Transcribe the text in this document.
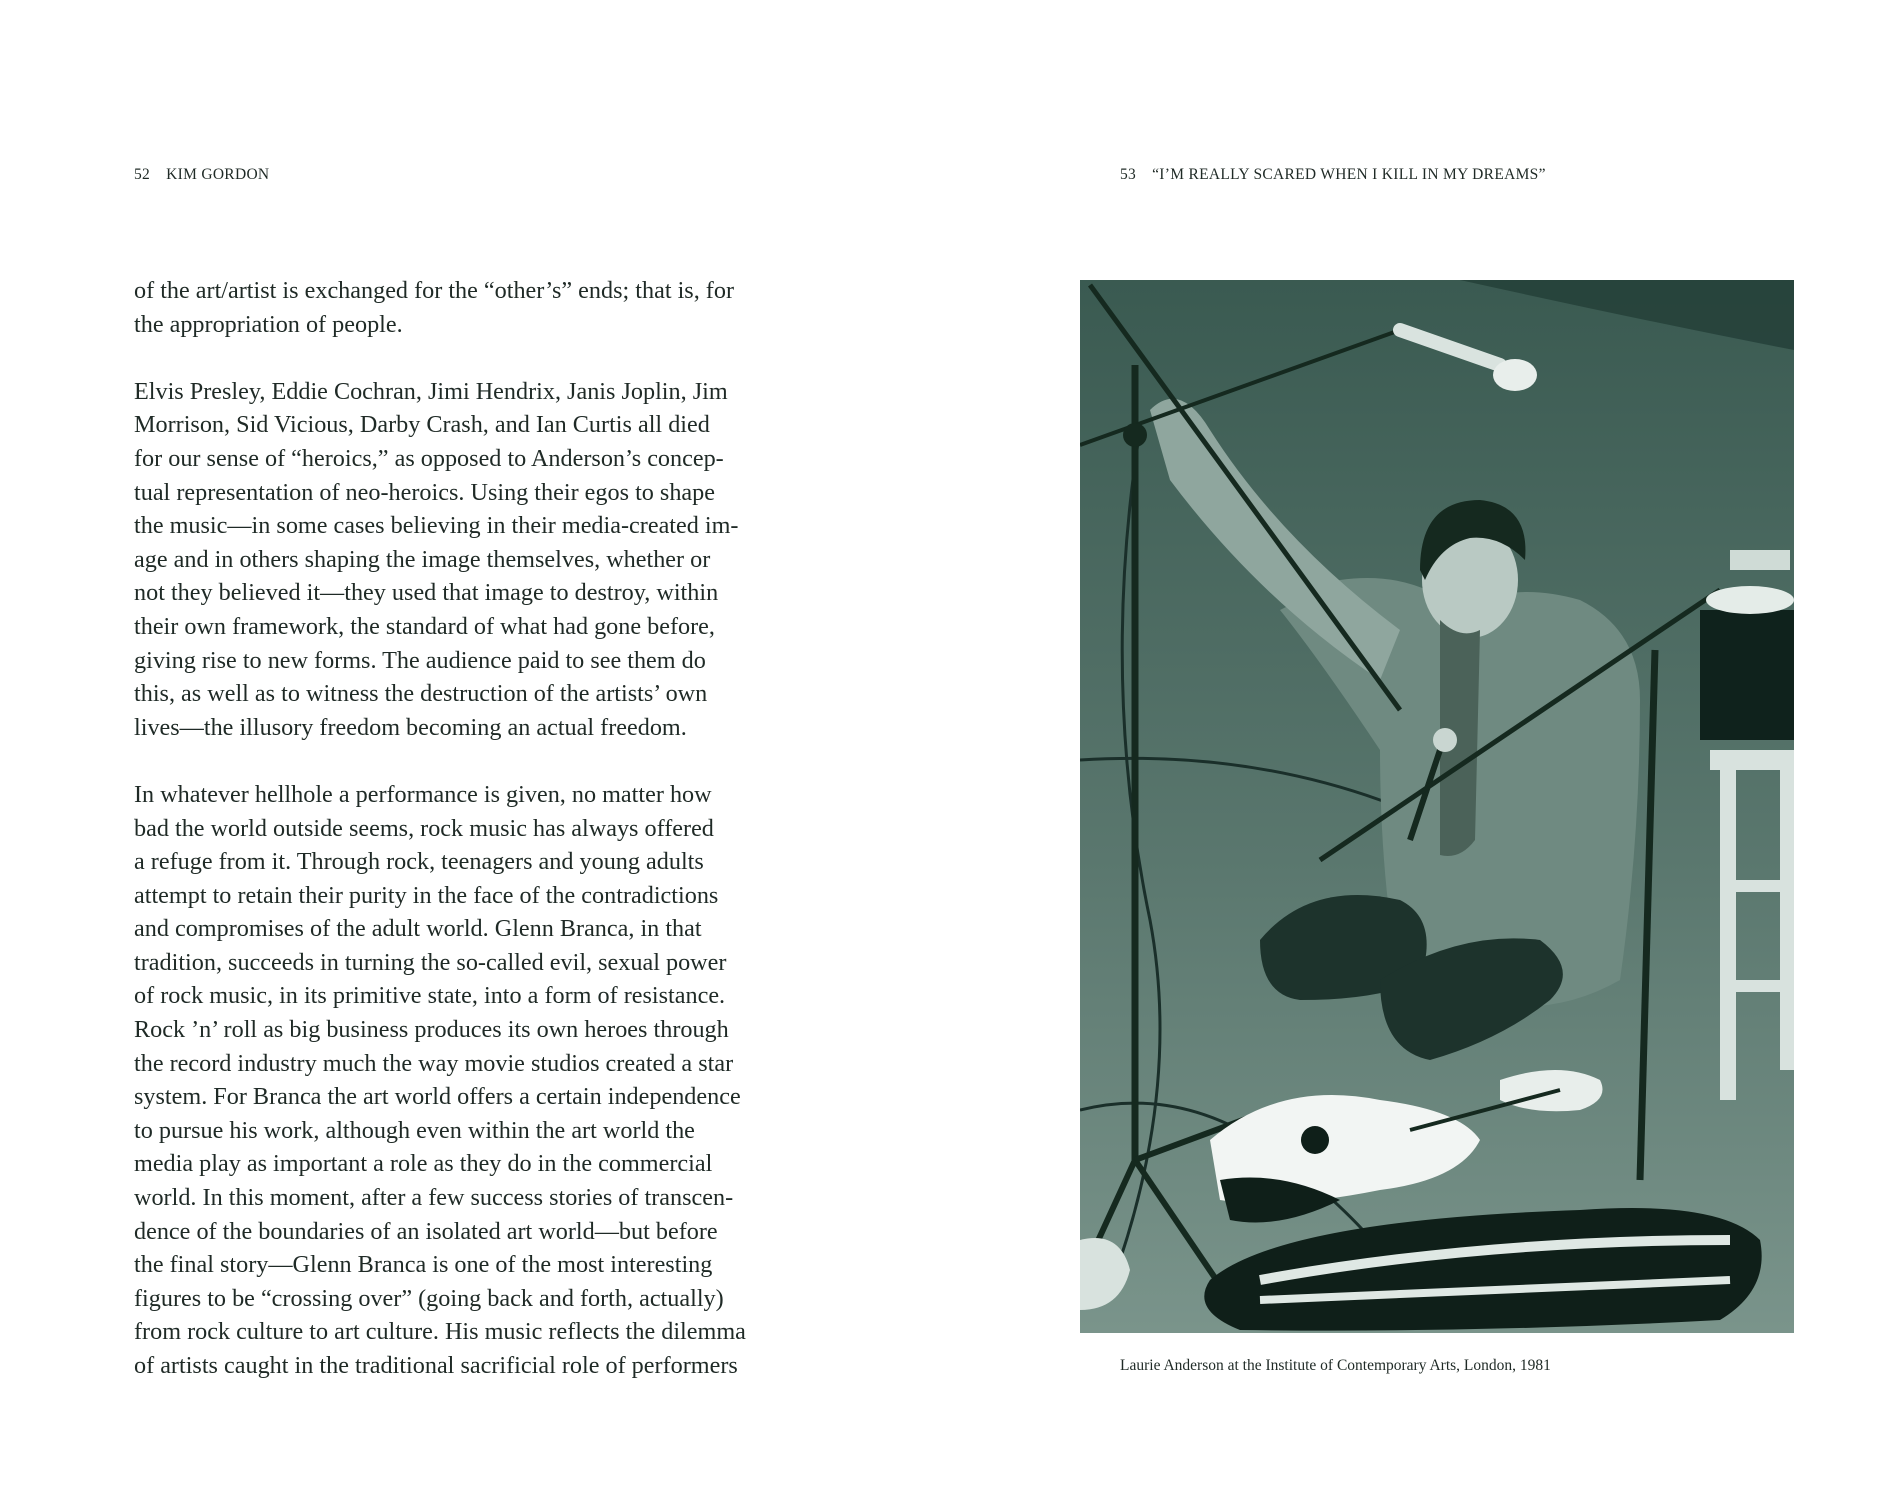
52 KIM GORDON

of the art/artist is exchanged for the “other’s” ends; that is, for
the appropriation of people.

Elvis Presley, Eddie Cochran, Jimi Hendrix, Janis Joplin, Jim
Morrison, Sid Vicious, Darby Crash, and Ian Curtis all died
for our sense of “heroics,” as opposed to Anderson’s concep-
tual representation of neo-heroics. Using their egos to shape
the music—in some cases believing in their media-created im-
age and in others shaping the image themselves, whether or
not they believed it—they used that image to destroy, within
their own framework, the standard of what had gone before,
giving rise to new forms. The audience paid to see them do
this, as well as to witness the destruction of the artists’ own
lives—the illusory freedom becoming an actual freedom.

In whatever hellhole a performance is given, no matter how
bad the world outside seems, rock music has always offered
a refuge from it. Through rock, teenagers and young adults
attempt to retain their purity in the face of the contradictions
and compromises of the adult world. Glenn Branca, in that
tradition, succeeds in turning the so-called evil, sexual power
of rock music, in its primitive state, into a form of resistance.
Rock ’n’ roll as big business produces its own heroes through
the record industry much the way movie studios created a star
system. For Branca the art world offers a certain independence
to pursue his work, although even within the art world the
media play as important a role as they do in the commercial
world. In this moment, after a few success stories of transcen-
dence of the boundaries of an isolated art world—but before
the final story—Glenn Branca is one of the most interesting
figures to be “crossing over” (going back and forth, actually)
from rock culture to art culture. His music reflects the dilemma
of artists caught in the traditional sacrificial role of performers

53 “I’M REALLY SCARED WHEN I KILL IN MY DREAMS”
Laurie Anderson at the Institute of Contemporary Arts, London, 1981
